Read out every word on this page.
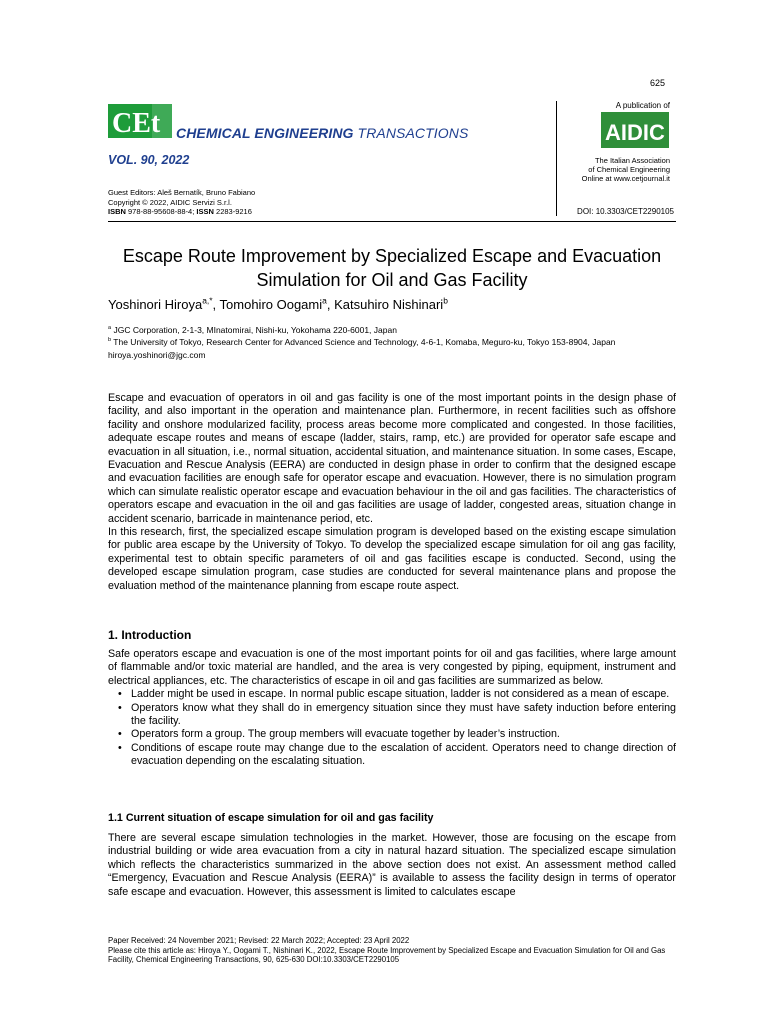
625
CEt CHEMICAL ENGINEERING TRANSACTIONS
VOL. 90, 2022
A publication of
AIDIC
The Italian Association
of Chemical Engineering
Online at www.cetjournal.it
Guest Editors: Aleš Bernatík, Bruno Fabiano
Copyright © 2022, AIDIC Servizi S.r.l.
ISBN 978-88-95608-88-4; ISSN 2283-9216	DOI: 10.3303/CET2290105
Escape Route Improvement by Specialized Escape and Evacuation Simulation for Oil and Gas Facility
Yoshinori Hiroya$^{a,*}$, Tomohiro Oogami$^a$, Katsuhiro Nishinari$^b$
$^a$ JGC Corporation, 2-1-3, MInatomirai, Nishi-ku, Yokohama 220-6001, Japan
$^b$ The University of Tokyo, Research Center for Advanced Science and Technology, 4-6-1, Komaba, Meguro-ku, Tokyo 153-8904, Japan
hiroya.yoshinori@jgc.com

Escape and evacuation of operators in oil and gas facility is one of the most important points in the design phase of facility, and also important in the operation and maintenance plan. Furthermore, in recent facilities such as offshore facility and onshore modularized facility, process areas become more complicated and congested. In those facilities, adequate escape routes and means of escape (ladder, stairs, ramp, etc.) are provided for operator safe escape and evacuation in all situation, i.e., normal situation, accidental situation, and maintenance situation. In some cases, Escape, Evacuation and Rescue Analysis (EERA) are conducted in design phase in order to confirm that the designed escape and evacuation facilities are enough safe for operator escape and evacuation. However, there is no simulation program which can simulate realistic operator escape and evacuation behaviour in the oil and gas facilities. The characteristics of operators escape and evacuation in the oil and gas facilities are usage of ladder, congested areas, situation change in accident scenario, barricade in maintenance period, etc.

In this research, first, the specialized escape simulation program is developed based on the existing escape simulation for public area escape by the University of Tokyo. To develop the specialized escape simulation for oil ang gas facility, experimental test to obtain specific parameters of oil and gas facilities escape is conducted. Second, using the developed escape simulation program, case studies are conducted for several maintenance plans and propose the evaluation method of the maintenance planning from escape route aspect.

1. Introduction

Safe operators escape and evacuation is one of the most important points for oil and gas facilities, where large amount of flammable and/or toxic material are handled, and the area is very congested by piping, equipment, instrument and electrical appliances, etc. The characteristics of escape in oil and gas facilities are summarized as below.

• Ladder might be used in escape. In normal public escape situation, ladder is not considered as a mean of escape.
• Operators know what they shall do in emergency situation since they must have safety induction before entering the facility.
• Operators form a group. The group members will evacuate together by leader’s instruction.
• Conditions of escape route may change due to the escalation of accident. Operators need to change direction of evacuation depending on the escalating situation.
1.1 Current situation of escape simulation for oil and gas facility

There are several escape simulation technologies in the market. However, those are focusing on the escape from industrial building or wide area evacuation from a city in natural hazard situation. The specialized escape simulation which reflects the characteristics summarized in the above section does not exist. An assessment method called “Emergency, Evacuation and Rescue Analysis (EERA)” is available to assess the facility design in terms of operator safe escape and evacuation. However, this assessment is limited to calculates escape

Paper Received: 24 November 2021; Revised: 22 March 2022; Accepted: 23 April 2022
Please cite this article as: Hiroya Y., Oogami T., Nishinari K., 2022, Escape Route Improvement by Specialized Escape and Evacuation Simulation for Oil and Gas Facility, Chemical Engineering Transactions, 90, 625-630 DOI:10.3303/CET2290105
